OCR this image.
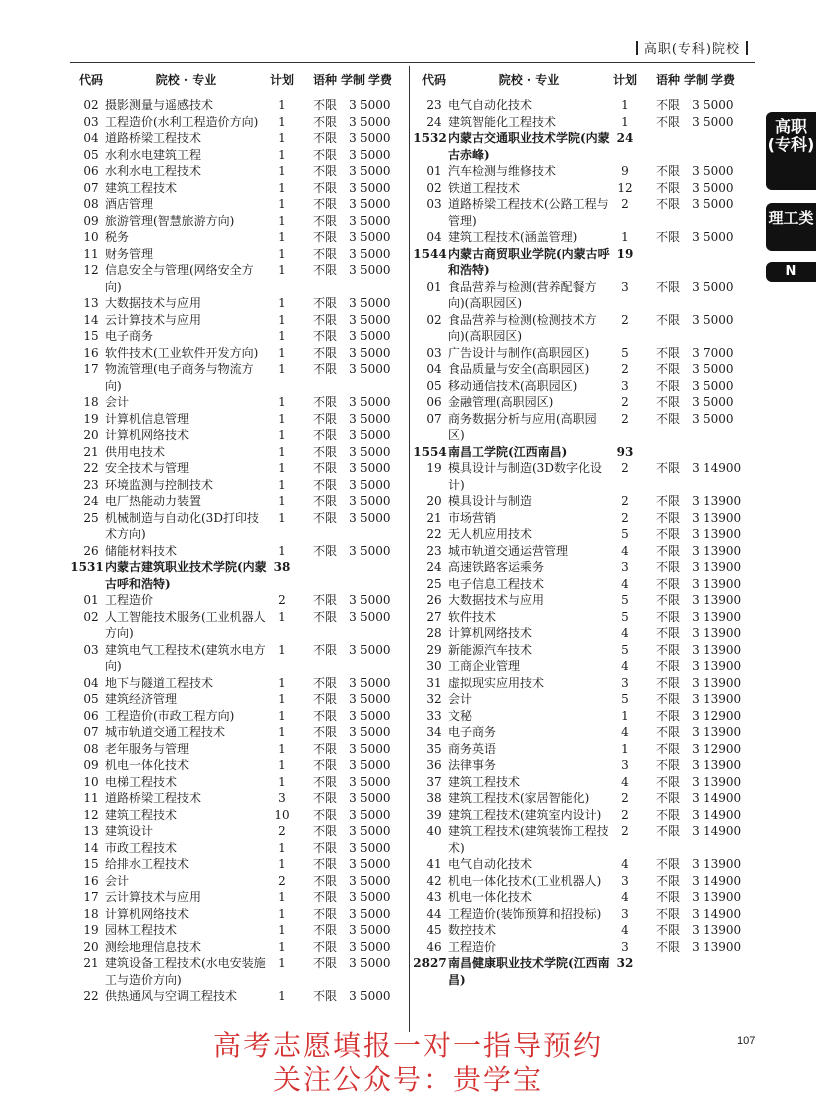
高职(专科)院校
代码	院校 · 专业	计划 语种 学制 学费
02 摄影测量与遥感技术	1	不限 3 5000
03 工程造价(水利工程造价方向)	1	不限 3 5000
04 道路桥梁工程技术	1	不限 3 5000
05 水利水电建筑工程	1	不限 3 5000
06 水利水电工程技术	1	不限 3 5000
07 建筑工程技术	1	不限 3 5000
08 酒店管理	1	不限 3 5000
09 旅游管理(智慧旅游方向)	1	不限 3 5000
10 税务	1	不限 3 5000
11 财务管理	1	不限 3 5000
12 信息安全与管理(网络安全方向)
1	不限 3 5000
13 大数据技术与应用	1	不限 3 5000
14 云计算技术与应用	1	不限 3 5000
15 电子商务	1	不限 3 5000
16 软件技术(工业软件开发方向)	1	不限 3 5000
17 物流管理(电子商务与物流方向)
1	不限 3 5000
18 会计	1	不限 3 5000
19 计算机信息管理	1	不限 3 5000
20 计算机网络技术	1	不限 3 5000
21 供用电技术	1	不限 3 5000
22 安全技术与管理	1	不限 3 5000
23 环境监测与控制技术	1	不限 3 5000
24 电厂热能动力装置	1	不限 3 5000
25 机械制造与自动化(3D打印技术方向)
1	不限 3 5000
26 储能材料技术	1	不限 3 5000
1531 内蒙古建筑职业技术学院(内蒙古呼和浩特)
38
01 工程造价	2	不限 3 5000
02 人工智能技术服务(工业机器人方向)
1	不限 3 5000
03 建筑电气工程技术(建筑水电方向)
1	不限 3 5000
04 地下与隧道工程技术	1	不限 3 5000
05 建筑经济管理	1	不限 3 5000
06 工程造价(市政工程方向)	1	不限 3 5000
07 城市轨道交通工程技术	1	不限 3 5000
08 老年服务与管理	1	不限 3 5000
09 机电一体化技术	1	不限 3 5000
10 电梯工程技术	1	不限 3 5000
11 道路桥梁工程技术	3	不限 3 5000
12 建筑工程技术	10	不限 3 5000
13 建筑设计	2	不限 3 5000
14 市政工程技术	1	不限 3 5000
15 给排水工程技术	1	不限 3 5000
16 会计	2	不限 3 5000
17 云计算技术与应用	1	不限 3 5000
18 计算机网络技术	1	不限 3 5000
19 园林工程技术	1	不限 3 5000
20 测绘地理信息技术	1	不限 3 5000
21 建筑设备工程技术(水电安装施工与造价方向)
1	不限 3 5000
22 供热通风与空调工程技术	1	不限 3 5000
代码	院校 · 专业	计划 语种 学制 学费
23 电气自动化技术	1	不限 3 5000
24 建筑智能化工程技术	1	不限 3 5000
1532 内蒙古交通职业技术学院(内蒙古赤峰)
24
01 汽车检测与维修技术	9	不限 3 5000
02 铁道工程技术	12	不限 3 5000
03 道路桥梁工程技术(公路工程与管理)
2	不限 3 5000
04 建筑工程技术(涵盖管理)	1	不限 3 5000
1544 内蒙古商贸职业学院(内蒙古呼和浩特)
19
01 食品营养与检测(营养配餐方向)(高职园区)
3	不限 3 5000
02 食品营养与检测(检测技术方向)(高职园区)
2	不限 3 5000
03 广告设计与制作(高职园区)	5	不限 3 7000
04 食品质量与安全(高职园区)	2	不限 3 5000
05 移动通信技术(高职园区)	3	不限 3 5000
06 金融管理(高职园区)	2	不限 3 5000
07 商务数据分析与应用(高职园区)
2	不限 3 5000
1554 南昌工学院(江西南昌)	93
19 模具设计与制造(3D数字化设计)
2	不限 3 14900
20 模具设计与制造	2	不限 3 13900
21 市场营销	2	不限 3 13900
22 无人机应用技术	5	不限 3 13900
23 城市轨道交通运营管理	4	不限 3 13900
24 高速铁路客运乘务	3	不限 3 13900
25 电子信息工程技术	4	不限 3 13900
26 大数据技术与应用	5	不限 3 13900
27 软件技术	5	不限 3 13900
28 计算机网络技术	4	不限 3 13900
29 新能源汽车技术	5	不限 3 13900
30 工商企业管理	4	不限 3 13900
31 虚拟现实应用技术	3	不限 3 13900
32 会计	5	不限 3 13900
33 文秘	1	不限 3 12900
34 电子商务	4	不限 3 13900
35 商务英语	1	不限 3 12900
36 法律事务	3	不限 3 13900
37 建筑工程技术	4	不限 3 13900
38 建筑工程技术(家居智能化)	2	不限 3 14900
39 建筑工程技术(建筑室内设计)	2	不限 3 14900
40 建筑工程技术(建筑装饰工程技术)
2	不限 3 14900
41 电气自动化技术	4	不限 3 13900
42 机电一体化技术(工业机器人)	3	不限 3 14900
43 机电一体化技术	4	不限 3 13900
44 工程造价(装饰预算和招投标)	3	不限 3 14900
45 数控技术	4	不限 3 13900
46 工程造价	3	不限 3 13900
2827 南昌健康职业技术学院(江西南昌)
32
高职(专科)
理工类
N
107
高考志愿填报一对一指导预约
关注公众号：贵学宝
